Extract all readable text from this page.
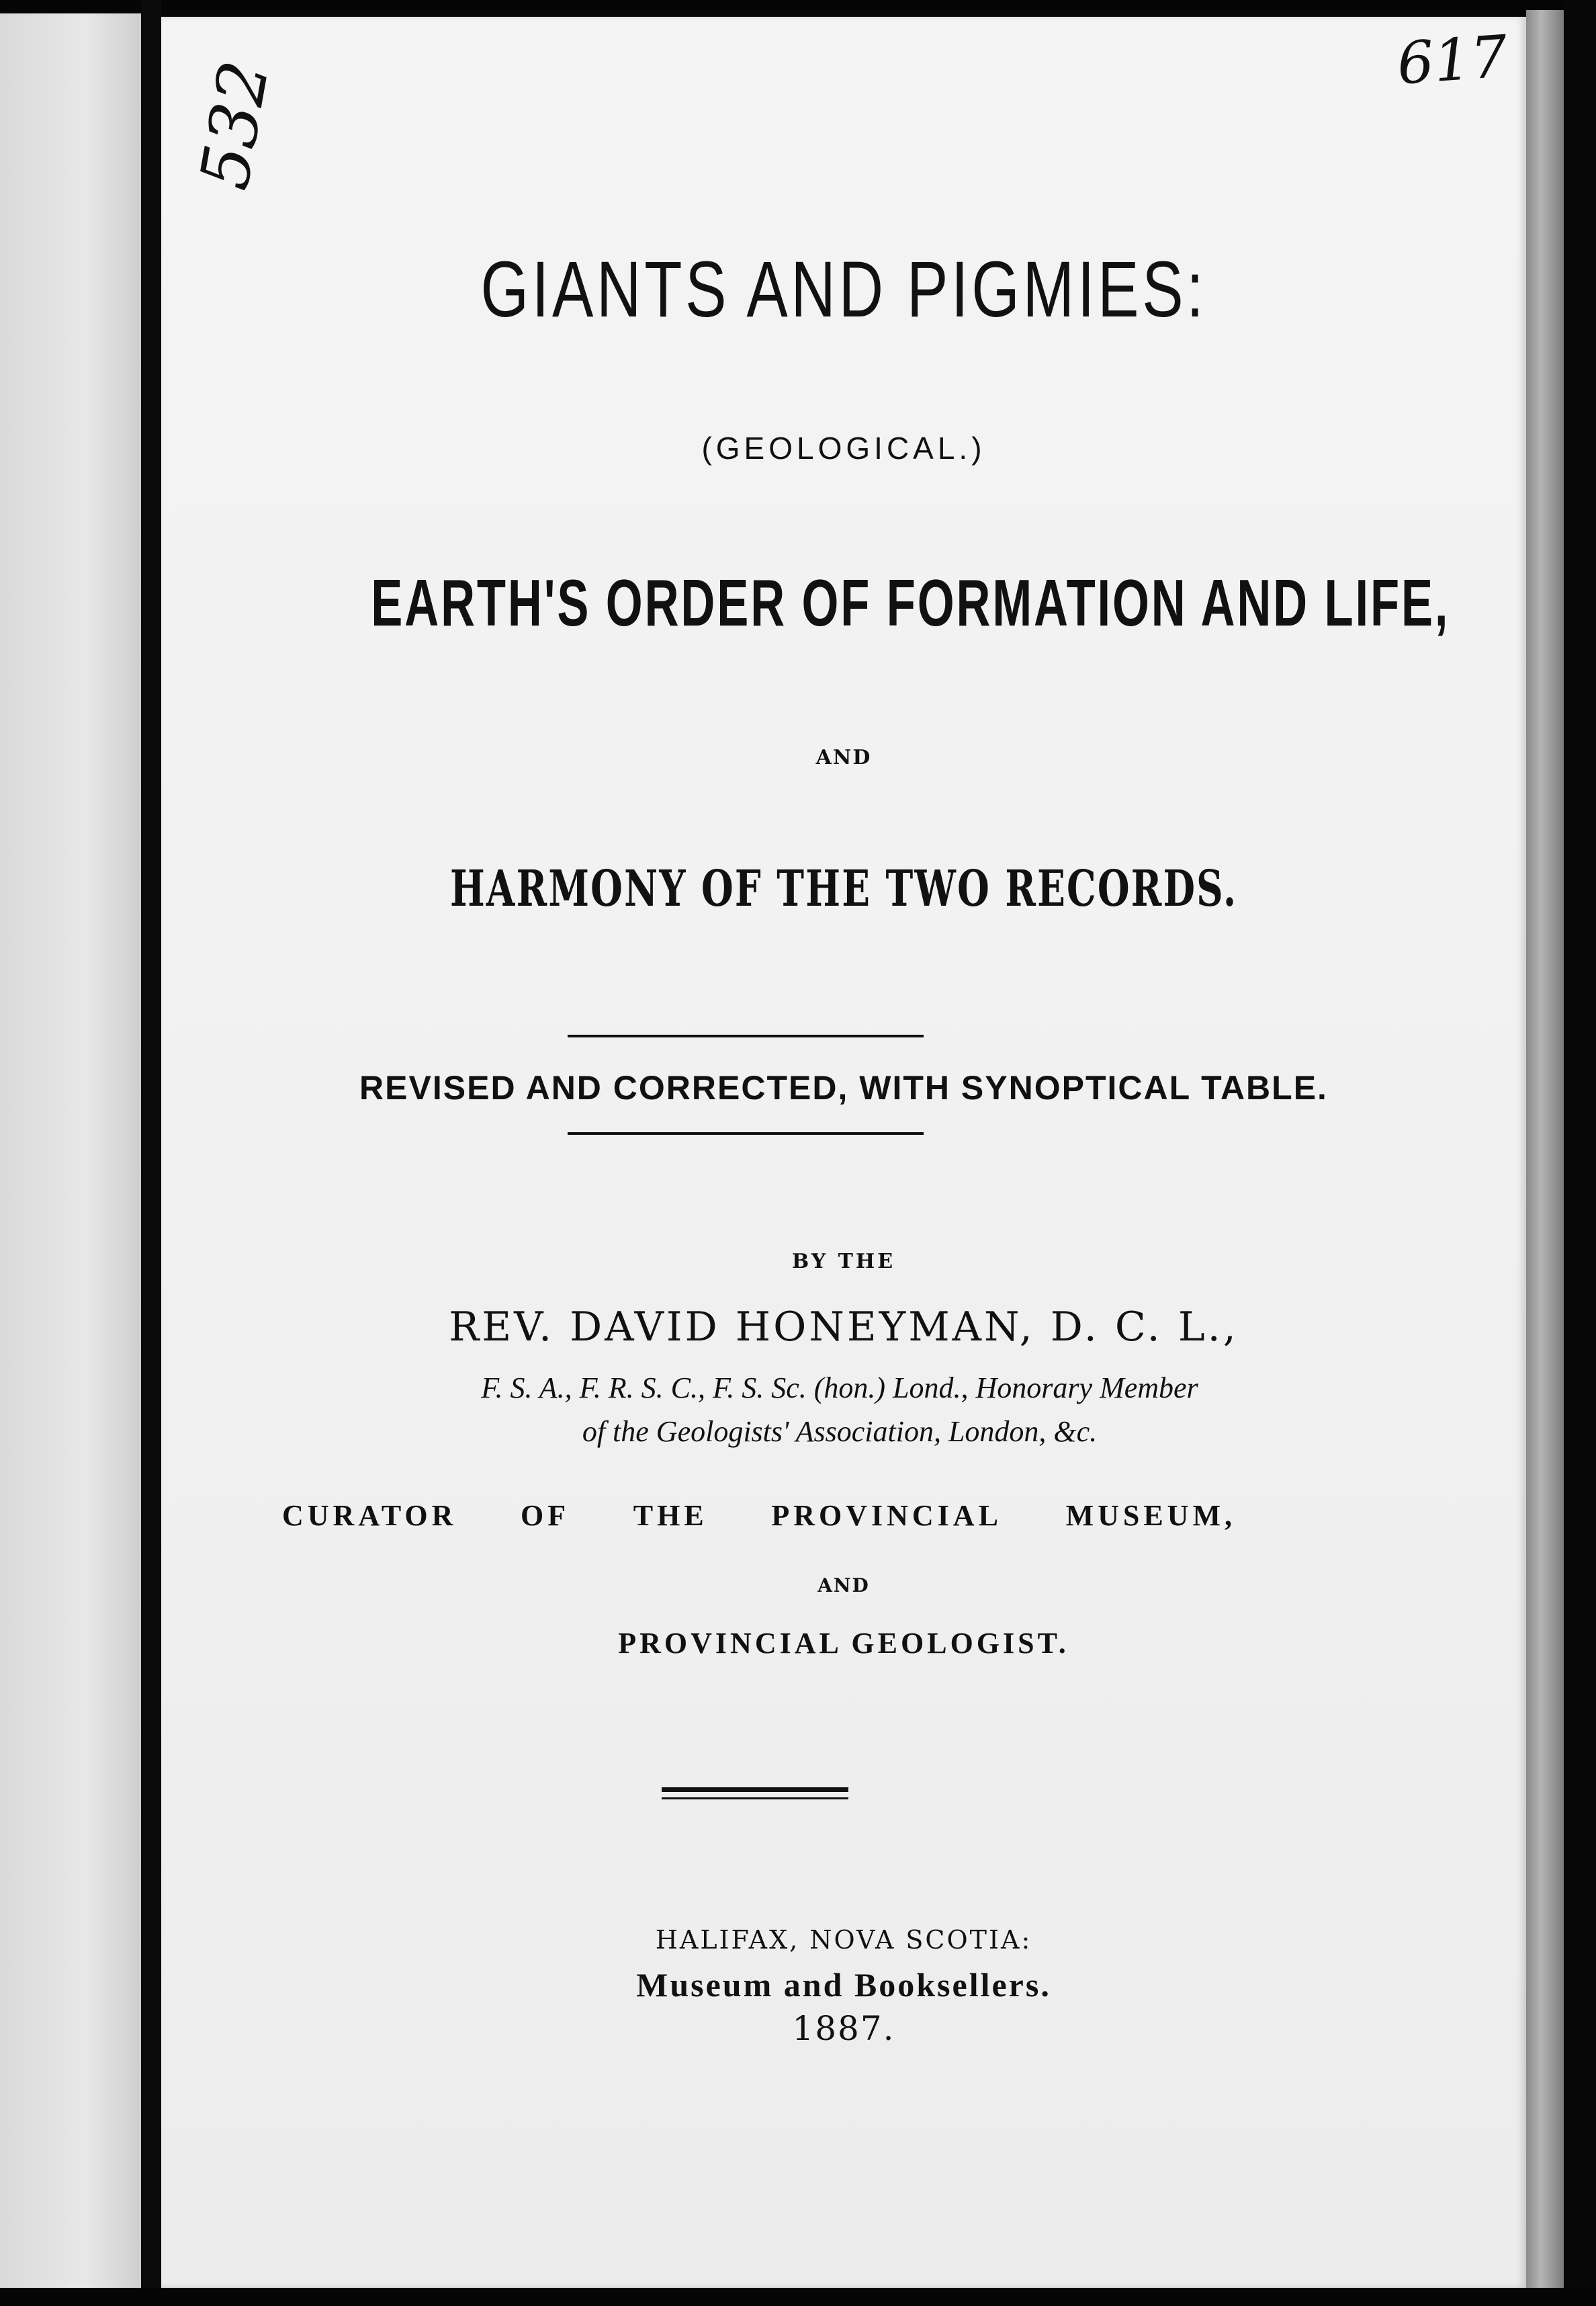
617
532
GIANTS AND PIGMIES:
(GEOLOGICAL.)
EARTH'S ORDER OF FORMATION AND LIFE,
AND
HARMONY OF THE TWO RECORDS.
REVISED AND CORRECTED, WITH SYNOPTICAL TABLE.
BY THE
REV. DAVID HONEYMAN, D. C. L.,
F. S. A., F. R. S. C., F. S. Sc. (hon.) Lond., Honorary Member
of the Geologists' Association, London, &c.
CURATOR OF THE PROVINCIAL MUSEUM,
AND
PROVINCIAL GEOLOGIST.
HALIFAX, NOVA SCOTIA:
Museum and Booksellers.
1887.
